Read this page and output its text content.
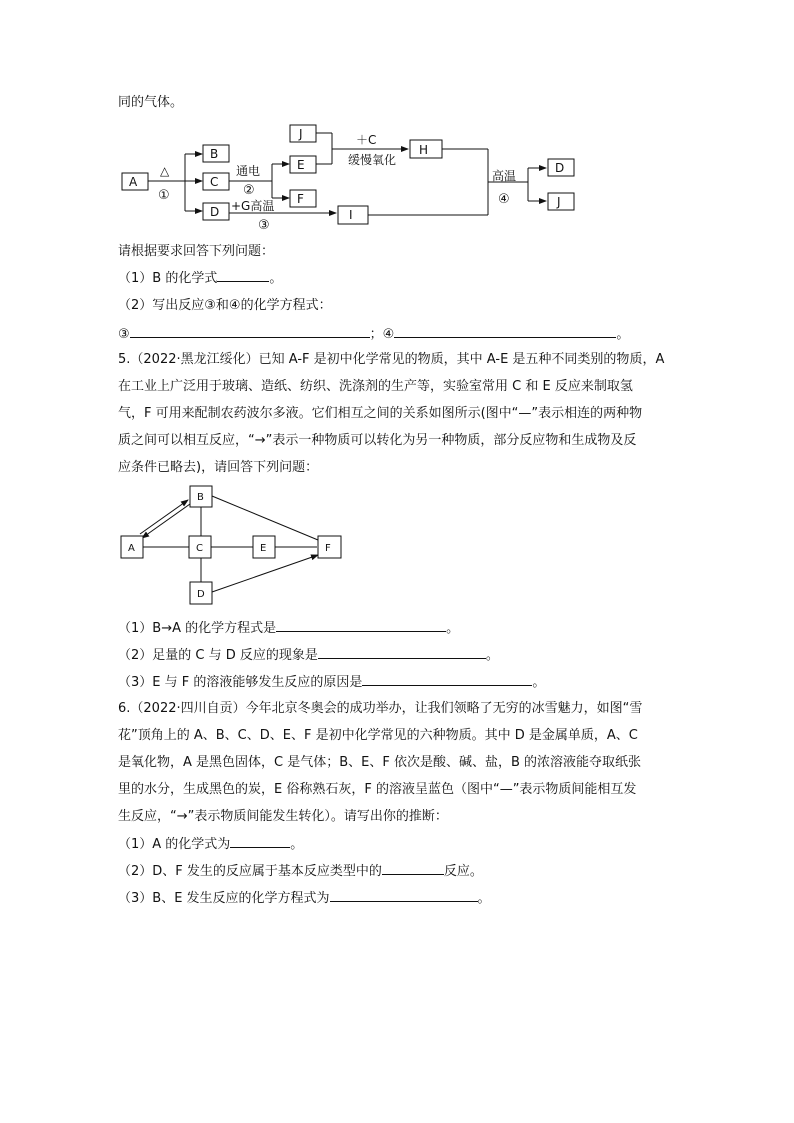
同的气体。
A
B
C
D
J
E
F
H
I
D
J
△
①
通电
②
+G高温
③
＋C
缓慢氧化
高温
④
请根据要求回答下列问题：
（1）B 的化学式	。
（2）写出反应③和④的化学方程式：
③	；④	。
5.（2022·黑龙江绥化）已知 A-F 是初中化学常见的物质，其中 A-E 是五种不同类别的物质，A
在工业上广泛用于玻璃、造纸、纺织、洗涤剂的生产等，实验室常用 C 和 E 反应来制取氢
气，F 可用来配制农药波尔多液。它们相互之间的关系如图所示(图中“—”表示相连的两种物
质之间可以相互反应，“→”表示一种物质可以转化为另一种物质，部分反应物和生成物及反
应条件已略去)，请回答下列问题：
B
A	C	E	F
D
（1）B→A 的化学方程式是	。
（2）足量的 C 与 D 反应的现象是	。
（3）E 与 F 的溶液能够发生反应的原因是	。
6.（2022·四川自贡）今年北京冬奥会的成功举办，让我们领略了无穷的冰雪魅力，如图“雪
花”顶角上的 A、B、C、D、E、F 是初中化学常见的六种物质。其中 D 是金属单质，A、C
是氧化物，A 是黑色固体，C 是气体；B、E、F 依次是酸、碱、盐，B 的浓溶液能夺取纸张
里的水分，生成黑色的炭，E 俗称熟石灰，F 的溶液呈蓝色（图中“—”表示物质间能相互发
生反应，“→”表示物质间能发生转化）。请写出你的推断：
（1）A 的化学式为	。
（2）D、F 发生的反应属于基本反应类型中的	反应。
（3）B、E 发生反应的化学方程式为	。
